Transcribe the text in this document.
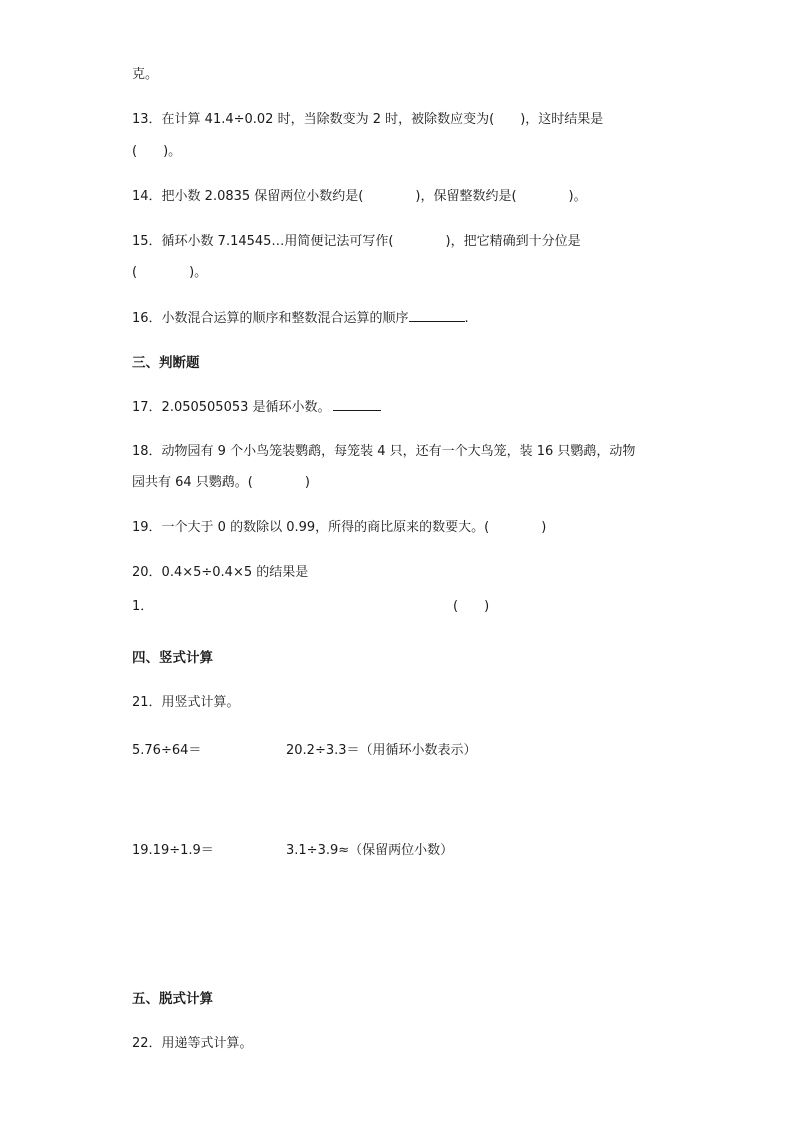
克。
13．在计算 41.4÷0.02 时，当除数变为 2 时，被除数应变为(　　)，这时结果是
(　　)。
14．把小数 2.0835 保留两位小数约是(　　　　)，保留整数约是(　　　　)。
15．循环小数 7.14545…用简便记法可写作(　　　　)，把它精确到十分位是
(　　　　)。
16．小数混合运算的顺序和整数混合运算的顺序	.
三、判断题
17．2.050505053 是循环小数。
18．动物园有 9 个小鸟笼装鹦鹉，每笼装 4 只，还有一个大鸟笼，装 16 只鹦鹉，动物
园共有 64 只鹦鹉。(　　　　)
19．一个大于 0 的数除以 0.99，所得的商比原来的数要大。(　　　　)
20．0.4×5÷0.4×5 的结果是
1．	(　　)
四、竖式计算
21．用竖式计算。
5.76÷64＝	20.2÷3.3＝（用循环小数表示）
19.19÷1.9＝	3.1÷3.9≈（保留两位小数）
五、脱式计算
22．用递等式计算。
